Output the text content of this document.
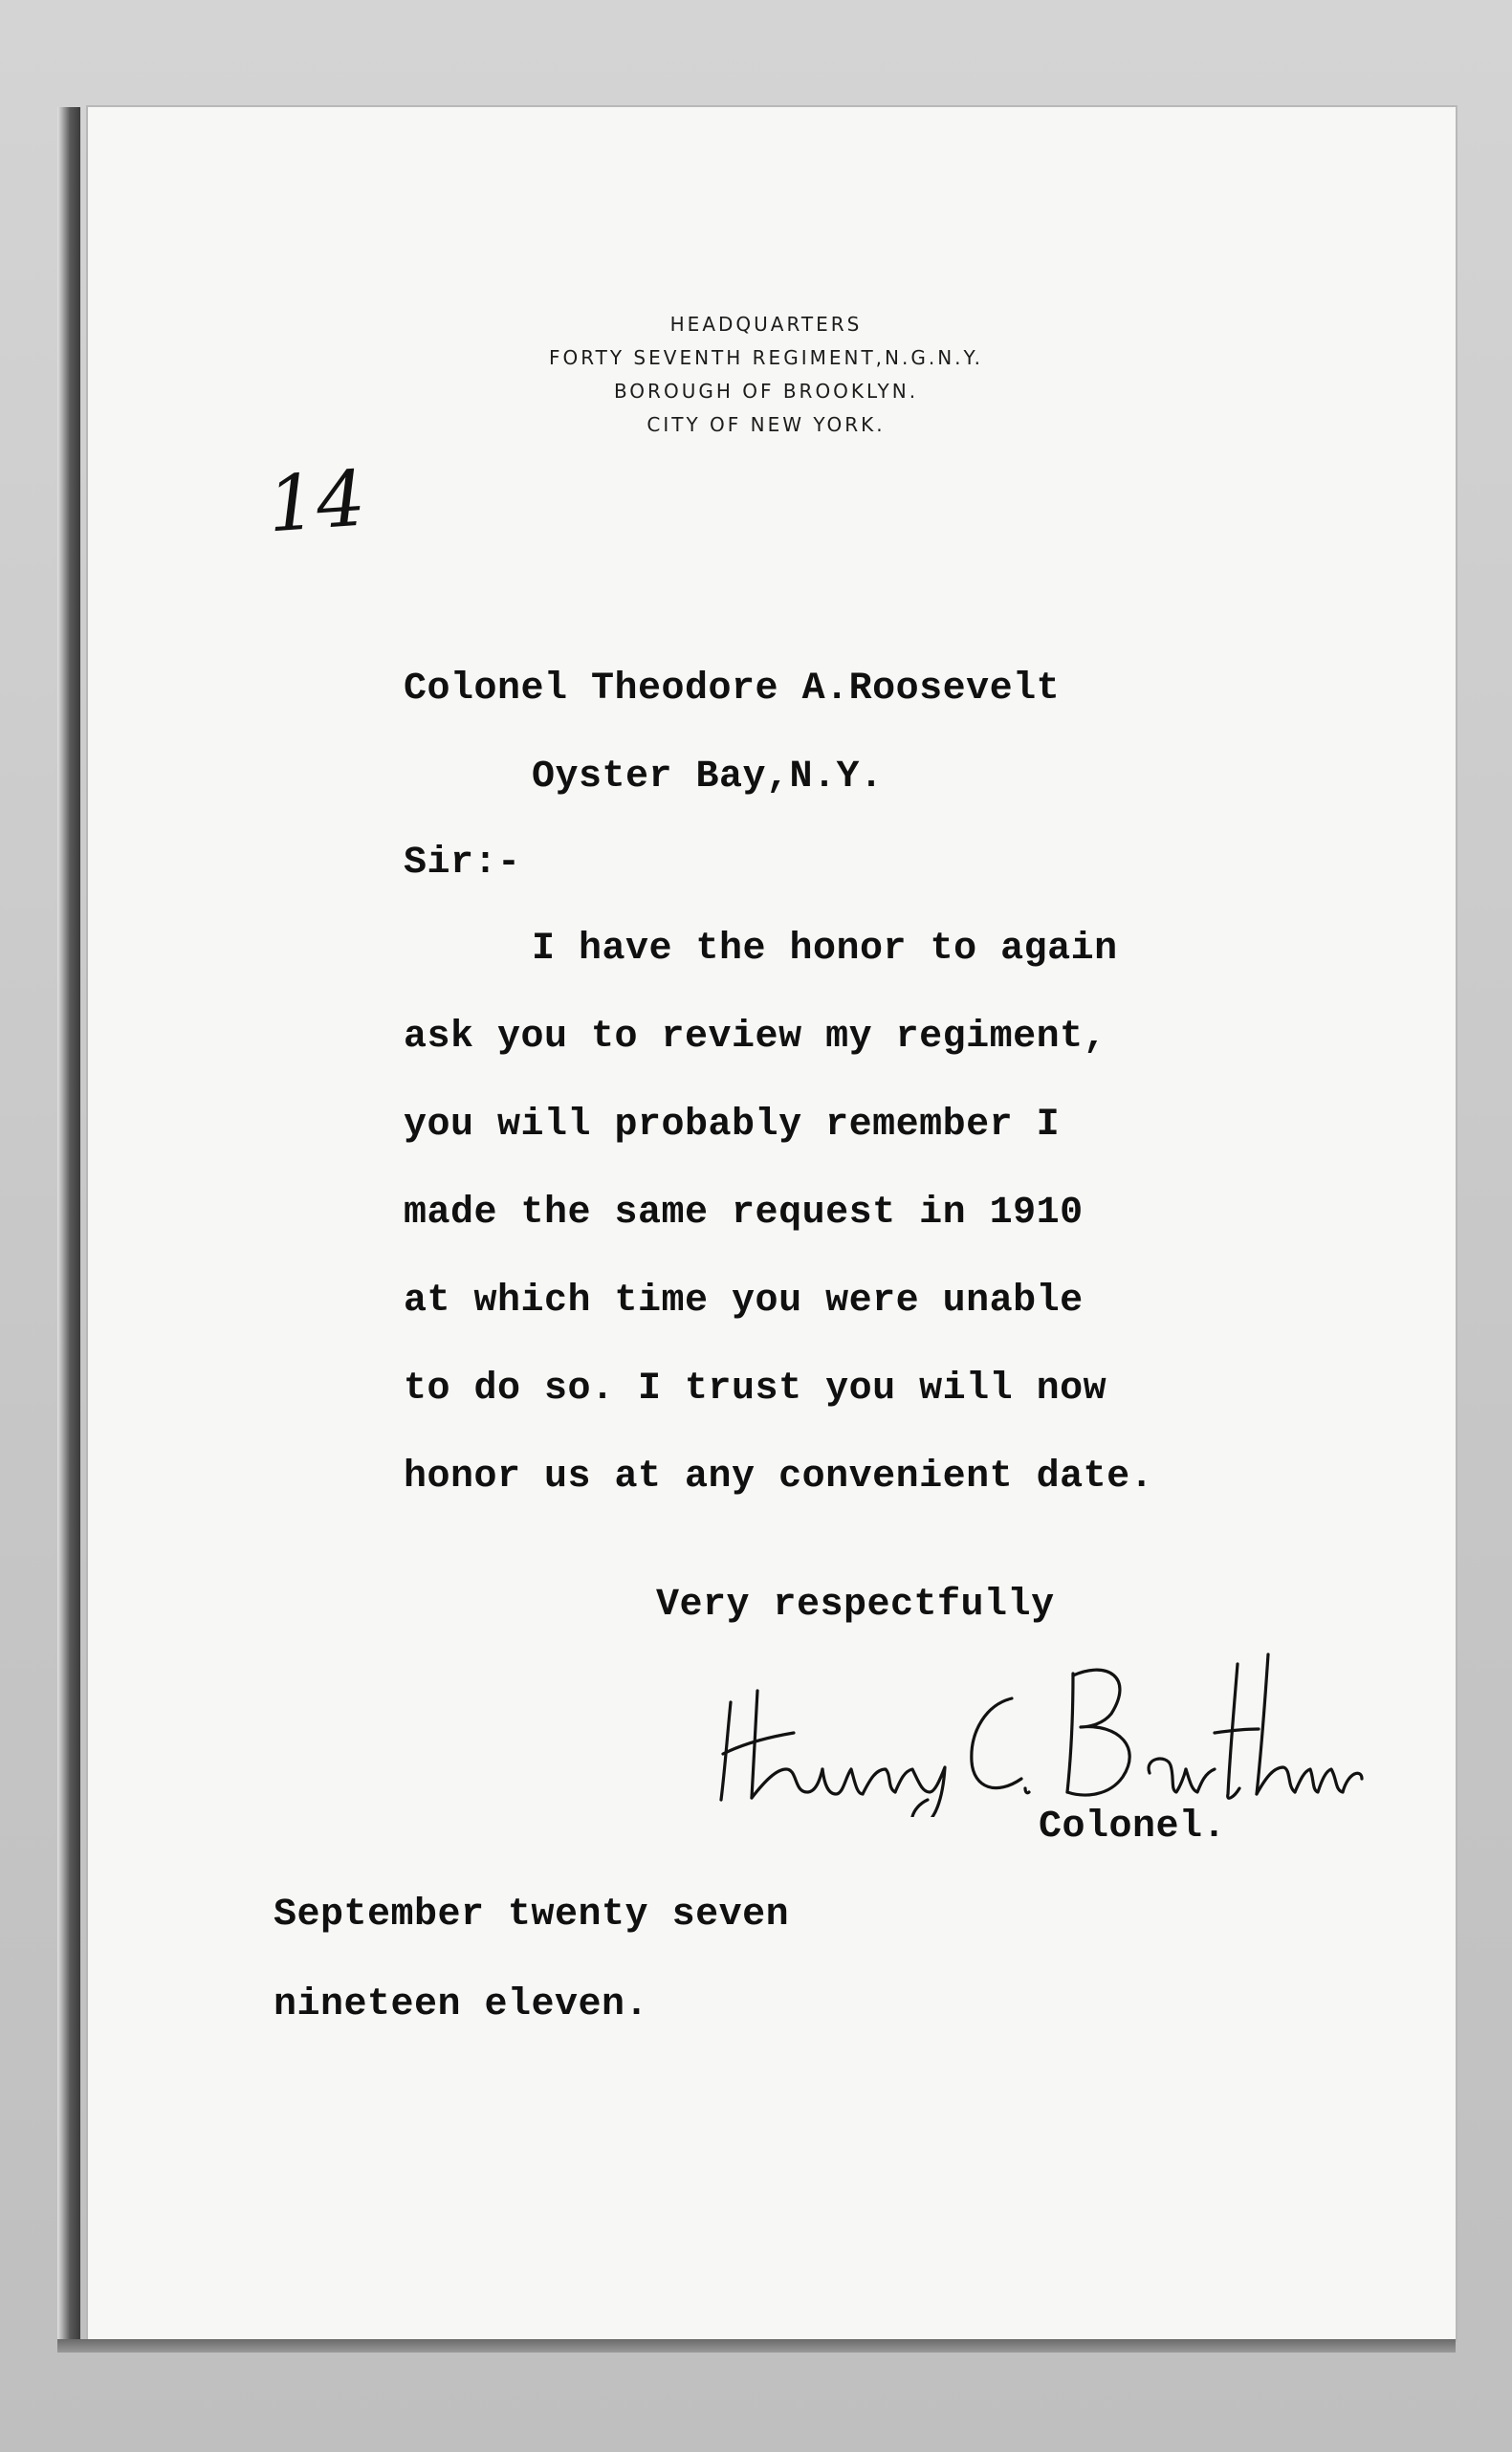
HEADQUARTERS
FORTY SEVENTH REGIMENT,N.G.N.Y.
BOROUGH OF BROOKLYN.
CITY OF NEW YORK.
14
Colonel Theodore A.Roosevelt
Oyster Bay,N.Y.
Sir:-
I have the honor to again
ask you to review my regiment,
you will probably remember I
made the same request in 1910
at which time you were unable
to do so. I trust you will now
honor us at any convenient date.
Very respectfully
Colonel.
September twenty seven
nineteen eleven.
